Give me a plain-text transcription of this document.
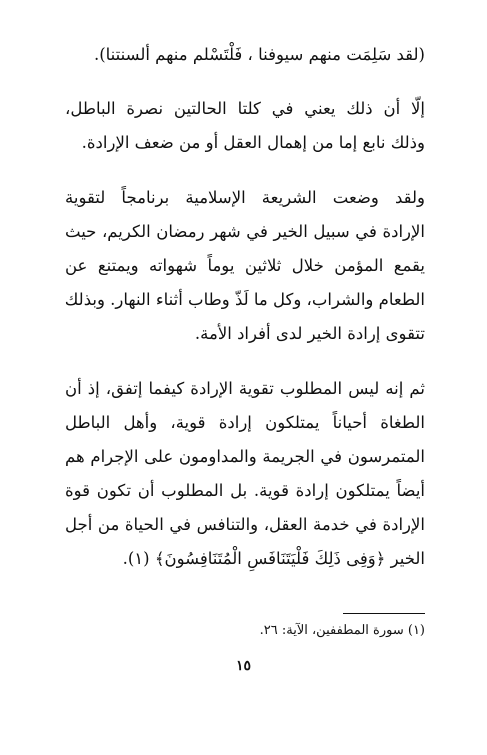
(لقد سَلِمَت منهم سيوفنا ، فَلْتَسْلم منهم ألسنتنا).
إلّا أن ذلك يعني في كلتا الحالتين نصرة الباطل،
وذلك نابع إما من إهمال العقل أو من ضعف الإرادة.
ولقد وضعت الشريعة الإسلامية برنامجاً لتقوية
الإرادة في سبيل الخير في شهر رمضان الكريم، حيث
يقمع المؤمن خلال ثلاثين يوماً شهواته ويمتنع عن
الطعام والشراب، وكل ما لَذّ وطاب أثناء النهار. وبذلك
تتقوى إرادة الخير لدى أفراد الأمة.
ثم إنه ليس المطلوب تقوية الإرادة كيفما إتفق، إذ أن
الطغاة أحياناً يمتلكون إرادة قوية، وأهل الباطل
المتمرسون في الجريمة والمداومون على الإجرام هم
أيضاً يمتلكون إرادة قوية. بل المطلوب أن تكون قوة
الإرادة في خدمة العقل، والتنافس في الحياة من أجل
الخير ﴿وَفِى ذَلِكَ فَلْيَتَنَافَسِ الْمُتَنَافِسُونَ﴾ (١).
(١) سورة المطففين، الآية: ٢٦.
١٥
